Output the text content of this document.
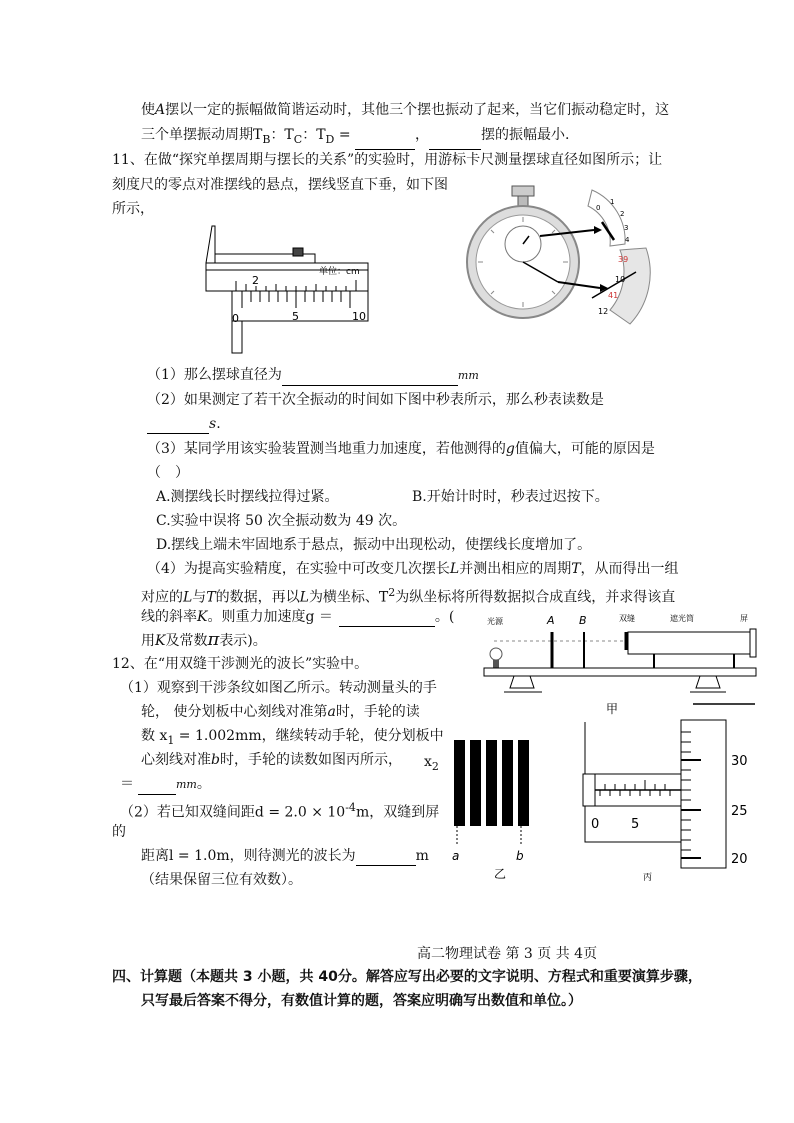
使A摆以一定的振幅做简谐运动时，其他三个摆也振动了起来，当它们振动稳定时，这
三个单摆振动周期$T_B$：$T_C$：$T_D$ =	，	摆的振幅最小.
11、在做“探究单摆周期与摆长的关系”的实验时，用游标卡尺测量摆球直径如图所示；让
刻度尺的零点对准摆线的悬点，摆线竖直下垂，如下图
所示，
单位：cm
2
0	5	10
0
1
2
3
4
39
10
41
12
（1）那么摆球直径为	mm
（2）如果测定了若干次全振动的时间如下图中秒表所示，那么秒表读数是
s.
（3）某同学用该实验装置测当地重力加速度，若他测得的g值偏大，可能的原因是
（　）
A.测摆线长时摆线拉得过紧。	B.开始计时时，秒表过迟按下。
C.实验中误将 50 次全振动数为 49 次。
D.摆线上端未牢固地系于悬点，振动中出现松动，使摆线长度增加了。
（4）为提高实验精度，在实验中可改变几次摆长L并测出相应的周期T，从而得出一组
对应的L与T的数据，再以L为横坐标、$T^2$为纵坐标将所得数据拟合成直线，并求得该直
线的斜率K。则重力加速度g ＝	。(
用K及常数π表示)。
12、在“用双缝干涉测光的波长”实验中。
光源	A B	双缝	遮光筒	屏
甲
（1）观察到干涉条纹如图乙所示。转动测量头的手
轮， 使分划板中心刻线对准第a时，手轮的读
数 $x_1 = 1.002mm$，继续转动手轮，使分划板中
心刻线对准b时，手轮的读数如图丙所示， $x_2$
＝	mm。
（2）若已知双缝间距$d = 2.0 \times 10^{-4}m$，双缝到屏
的
距离l = 1.0m，则待测光的波长为	m
（结果保留三位有效数）。
a	b
乙
0 5
30
25
20
丙
高二物理试卷 第 3 页 共 4页
四、计算题（本题共 3 小题，共 40分。解答应写出必要的文字说明、方程式和重要演算步骤，
只写最后答案不得分，有数值计算的题，答案应明确写出数值和单位。）
